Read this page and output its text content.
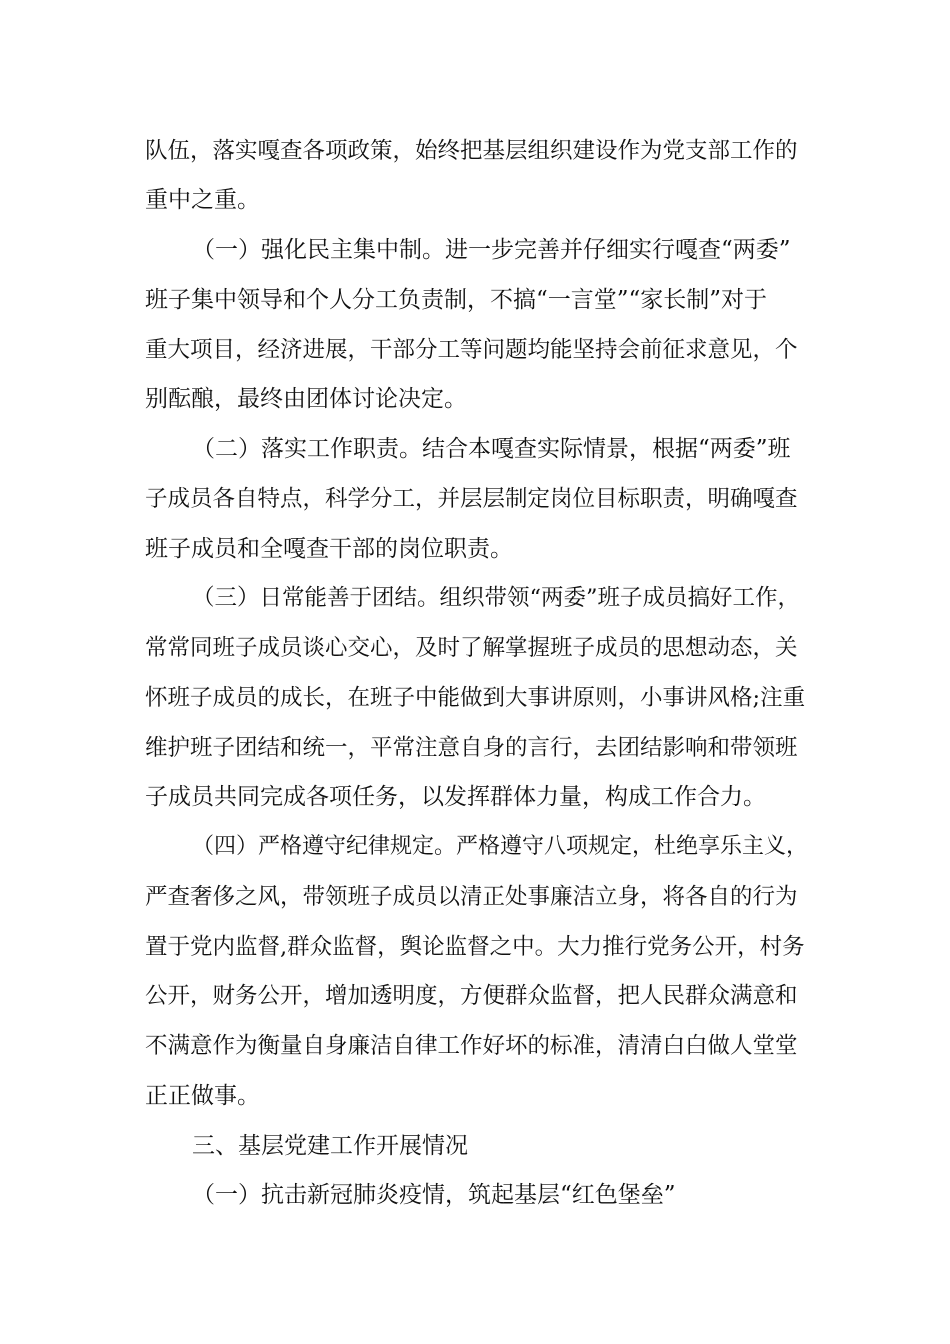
队伍，落实嘎查各项政策，始终把基层组织建设作为党支部工作的
重中之重。
（一）强化民主集中制。进一步完善并仔细实行嘎查“两委”
班子集中领导和个人分工负责制，不搞“一言堂”“家长制”对于
重大项目，经济进展，干部分工等问题均能坚持会前征求意见，个
别酝酿，最终由团体讨论决定。
（二）落实工作职责。结合本嘎查实际情景，根据“两委”班
子成员各自特点，科学分工，并层层制定岗位目标职责，明确嘎查
班子成员和全嘎查干部的岗位职责。
（三）日常能善于团结。组织带领“两委”班子成员搞好工作，
常常同班子成员谈心交心，及时了解掌握班子成员的思想动态，关
怀班子成员的成长，在班子中能做到大事讲原则，小事讲风格;注重
维护班子团结和统一，平常注意自身的言行，去团结影响和带领班
子成员共同完成各项任务，以发挥群体力量，构成工作合力。
（四）严格遵守纪律规定。严格遵守八项规定，杜绝享乐主义，
严查奢侈之风，带领班子成员以清正处事廉洁立身，将各自的行为
置于党内监督,群众监督，舆论监督之中。大力推行党务公开，村务
公开，财务公开，增加透明度，方便群众监督，把人民群众满意和
不满意作为衡量自身廉洁自律工作好坏的标准，清清白白做人堂堂
正正做事。
三、基层党建工作开展情况
（一）抗击新冠肺炎疫情，筑起基层“红色堡垒”
